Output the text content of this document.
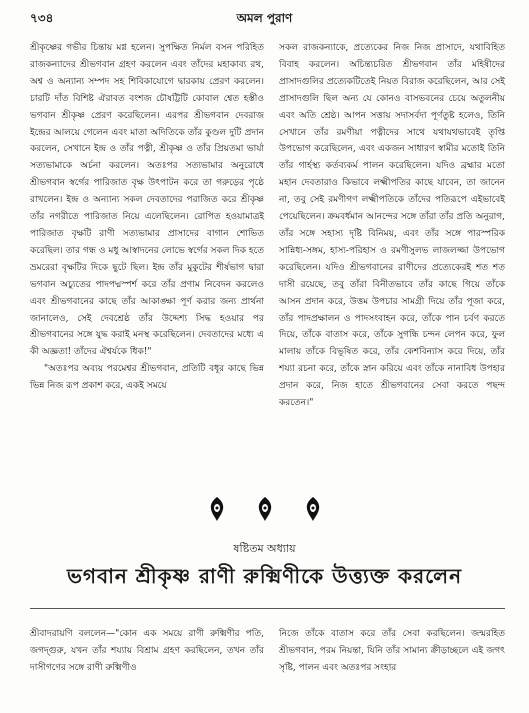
৭৩৪	অমল পুরাণ

শ্রীকৃষ্ণের গভীর চিন্তায় মগ্ন হলেন। সুপক্ষিত নির্মল বসন পরিহিত রাজকন্যাদের শ্রীভগবান গ্রহণ করলেন এবং তাঁদের মহাকাব্য রথ, অশ্ব ও অন্যান্য সম্পদ সহ শিবিকাযোগে দ্বারকায় প্রেরণ করলেন। চারটি দাঁত বিশিষ্ট ঐরাবত বংশজ চৌষট্টিটি কোবাল শ্বেত হস্তীও ভগবান শ্রীকৃষ্ণ প্রেরণ করেছিলেন। এরপর শ্রীভগবান দেবরাজ ইন্দ্রের আলয়ে গেলেন এবং মাতা অদিতিকে তাঁর কুণ্ডল দুটি প্রদান করলেন, সেখানে ইন্দ্র ও তাঁর পত্নী, শ্রীকৃষ্ণ ও তাঁর প্রিয়তমা ভার্যা সত্যভামাকে অর্চনা করলেন। অতঃপর সত্যভামার অনুরোধে শ্রীভগবান স্বর্গের পারিজাত বৃক্ষ উৎপাটন করে তা গরুড়ের পৃষ্ঠে রাখলেন। ইন্দ্র ও অন্যান্য সকল দেবতাদের পরাজিত করে শ্রীকৃষ্ণ তাঁর নগরীতে পারিজাত নিয়ে এলেছিলেন। রোপিত হওয়ামাত্রই পারিজাত বৃক্ষটি রাণী সত্যভামার প্রাসাদের বাগান শোভিত করেছিল। তার গন্ধ ও মধু আস্বাদনের লোভে স্বর্গের সকল দিক হতে ভ্রমরেরা বৃক্ষটির দিকে ছুটে ছিল। ইন্দ্র তাঁর মুকুটের শীর্ষভাগ দ্বারা ভগবান অচ্যুতের পাদপদ্মস্পর্শ করে তাঁর প্রণাম নিবেদন করলেও এবং শ্রীভগবানের কাছে তাঁর আকাঙ্ক্ষা পূর্ণ করার জন্য প্রার্থনা জানালেও, সেই দেবশ্রেষ্ঠ তাঁর উদ্দেশ্য সিদ্ধ হওয়ার পর শ্রীভগবানের সঙ্গে যুদ্ধ করাই মনস্থ করেছিলেন। দেবতাদের মধ্যে এ কী অজ্ঞতা! তাঁদের ঐশ্বর্যকে ধিক!"

"অতঃপর অব্যয় পরমেশ্বর শ্রীভগবান, প্রতিটি বধূর কাছে ভিন্ন ভিন্ন নিজ রূপ প্রকাশ করে, একই সময়ে

সকল রাজকন্যাকে, প্রত্যেকের নিজ নিজ প্রাসাদে, যথাবিহিত বিবাহ করলেন। অচিন্ত্যচরিত শ্রীভগবান তাঁর মহিষীদের প্রাসাদগুলির প্রত্যেকটিতেই নিয়ত বিরাজ করেছিলেন, আর সেই প্রাসাদগুলি ছিল অন্য যে কোনও বাসভবনের চেয়ে অতুলনীয় এবং অতি শ্রেষ্ঠ। আপন সত্তায় সদাসর্বদা পূর্ণতুষ্ট হলেও, তিনি সেখানে তাঁর রমণীয়া পত্নীদের সাথে যথাযথভাবেই তৃপ্তি উপভোগ করেছিলেন, এবং একজন সাধারণ স্বামীর মতোই তিনি তাঁর গার্হস্থ্য কর্তব্যকর্ম পালন করেছিলেন। যদিও ব্রহ্মার মতো মহান দেবতারাও কিভাবে লক্ষ্মীপতির কাছে যাবেন, তা জানেন না, তবু সেই রমণীগণ লক্ষ্মীপতিকে তাঁদের পতিরূপে এইভাবেই পেয়েছিলেন। ক্রমবর্ধমান আনন্দের সঙ্গে তাঁরা তাঁর প্রতি অনুরাগ, তাঁর সঙ্গে সহাস্য দৃষ্টি বিনিময়, এবং তাঁর সঙ্গে পারস্পরিক সান্নিধ্য-সঙ্গম, হাস্য-পরিহাস ও রমণীসুলভ লাজলজ্জা উপভোগ করেছিলেন। যদিও শ্রীভগবানের রাণীদের প্রত্যেকেরই শত শত দাসী রয়েছে, তবু তাঁরা বিনীতভাবে তাঁর কাছে গিয়ে তাঁকে আসন প্রদান করে, উত্তম উপচার সামগ্রী দিয়ে তাঁর পূজা করে, তাঁর পাদপ্রক্ষালন ও পাদসংবাহন করে, তাঁকে পান চর্বণ করতে দিয়ে, তাঁকে বাতাস করে, তাঁকে সুগন্ধি চন্দন লেপন করে, ফুল মালায় তাঁকে বিভূষিত করে, তাঁর কেশবিন্যাস করে দিয়ে, তাঁর শয্যা রচনা করে, তাঁকে স্নান করিয়ে এবং তাঁকে নানাবিধ উপহার প্রদান করে, নিজ হাতে শ্রীভগবানের সেবা করতে পছন্দ করতেন।"

ষষ্টিতম অধ্যায়
ভগবান শ্রীকৃষ্ণ রাণী রুক্মিণীকে উত্ত্যক্ত করলেন

শ্রীবাদরায়ণি বললেন—"কোন এক সময়ে রাণী রুক্মিণীর পতি, জগদ্গুরু, যখন তাঁর শয্যায় বিশ্রাম গ্রহণ করছিলেন, তখন তাঁর দাসীগণের সঙ্গে রাণী রুক্মিণীও

নিজে তাঁকে বাতাস করে তাঁর সেবা করছিলেন। জন্মরহিত শ্রীভগবান, পরম নিয়ন্তা, যিনি তাঁর সামান্য ক্রীড়াচ্ছলে এই জগৎ সৃষ্টি, পালন এবং অতঃপর সংহার
